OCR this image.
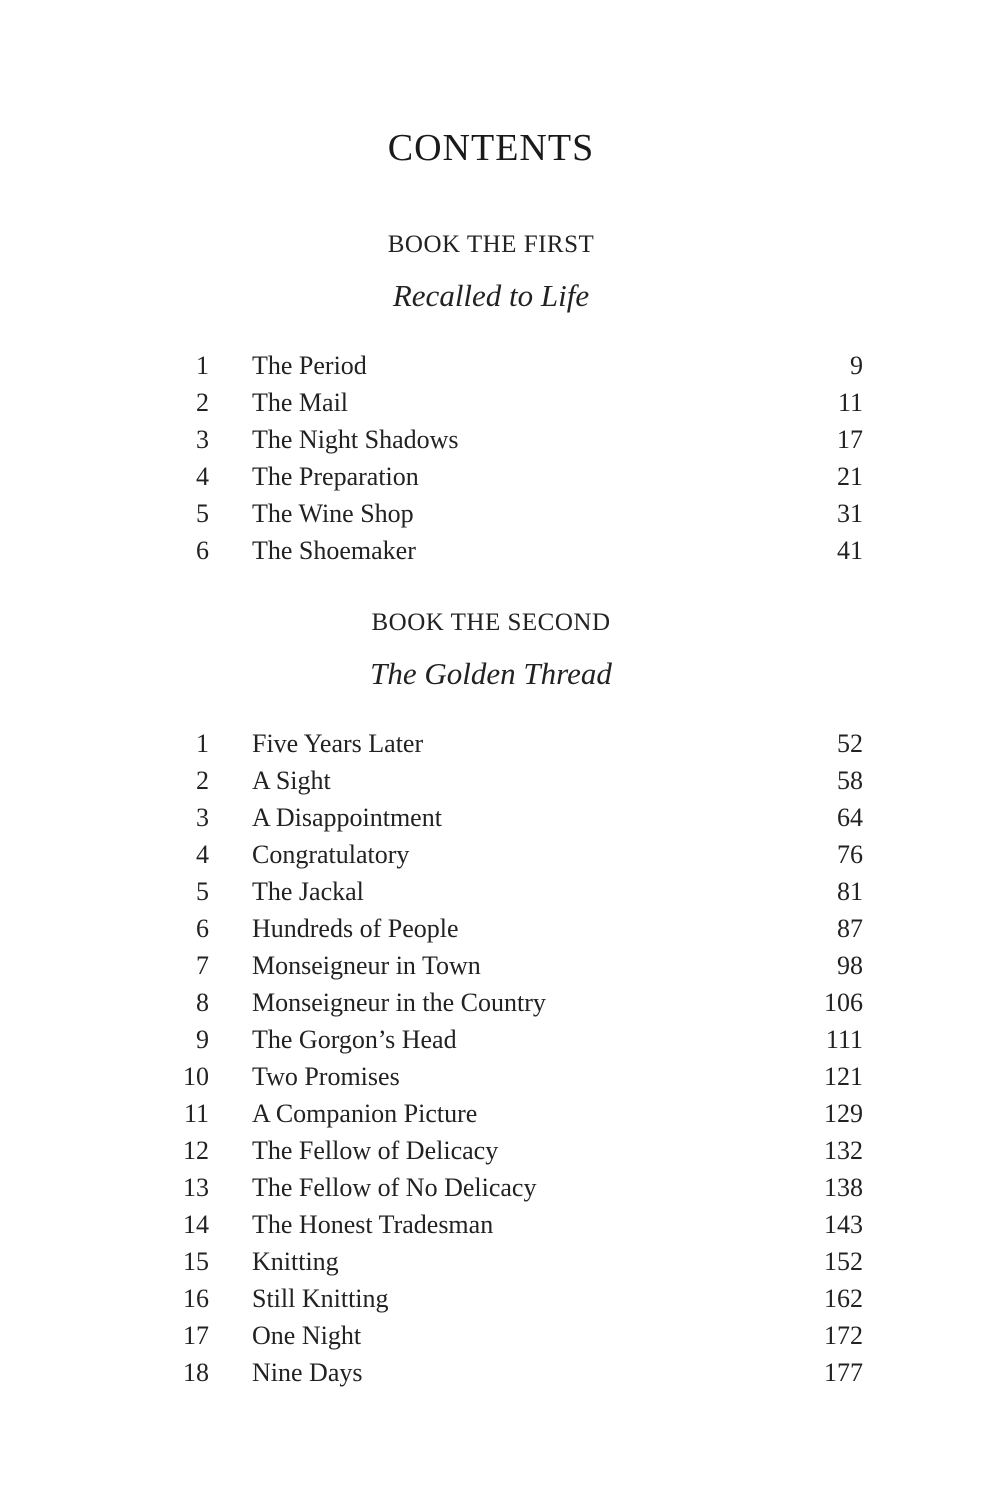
CONTENTS
BOOK THE FIRST
Recalled to Life
1 The Period	9
2 The Mail	11
3 The Night Shadows	17
4 The Preparation	21
5 The Wine Shop	31
6 The Shoemaker	41
BOOK THE SECOND
The Golden Thread
1 Five Years Later	52
2 A Sight	58
3 A Disappointment	64
4 Congratulatory	76
5 The Jackal	81
6 Hundreds of People	87
7 Monseigneur in Town	98
8 Monseigneur in the Country	106
9 The Gorgon’s Head	111
10 Two Promises	121
11 A Companion Picture	129
12 The Fellow of Delicacy	132
13 The Fellow of No Delicacy	138
14 The Honest Tradesman	143
15 Knitting	152
16 Still Knitting	162
17 One Night	172
18 Nine Days	177
